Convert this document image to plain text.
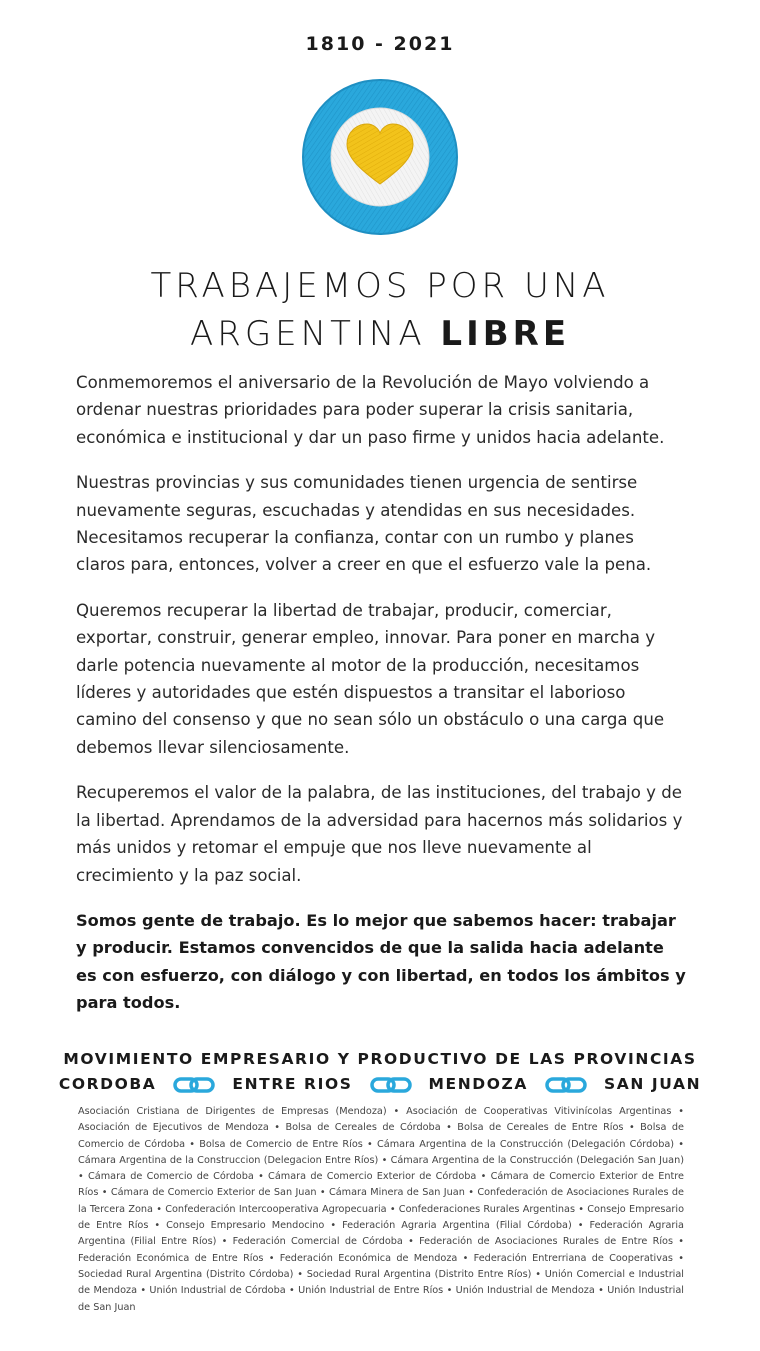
1810 - 2021
TRABAJEMOS POR UNA
ARGENTINA LIBRE

Conmemoremos el aniversario de la Revolución de Mayo volviendo a ordenar nuestras prioridades para poder superar la crisis sanitaria, económica e institucional y dar un paso firme y unidos hacia adelante.

Nuestras provincias y sus comunidades tienen urgencia de sentirse nuevamente seguras, escuchadas y atendidas en sus necesidades. Necesitamos recuperar la confianza, contar con un rumbo y planes claros para, entonces, volver a creer en que el esfuerzo vale la pena.

Queremos recuperar la libertad de trabajar, producir, comerciar, exportar, construir, generar empleo, innovar. Para poner en marcha y darle potencia nuevamente al motor de la producción, necesitamos líderes y autoridades que estén dispuestos a transitar el laborioso camino del consenso y que no sean sólo un obstáculo o una carga que debemos llevar silenciosamente.

Recuperemos el valor de la palabra, de las instituciones, del trabajo y de la libertad. Aprendamos de la adversidad para hacernos más solidarios y más unidos y retomar el empuje que nos lleve nuevamente al crecimiento y la paz social.

Somos gente de trabajo. Es lo mejor que sabemos hacer: trabajar y producir. Estamos convencidos de que la salida hacia adelante es con esfuerzo, con diálogo y con libertad, en todos los ámbitos y para todos.

MOVIMIENTO EMPRESARIO Y PRODUCTIVO DE LAS PROVINCIAS
CORDOBA	ENTRE RIOS	MENDOZA	SAN JUAN
Asociación Cristiana de Dirigentes de Empresas (Mendoza) • Asociación de Cooperativas Vitivinícolas Argentinas • Asociación de Ejecutivos de Mendoza • Bolsa de Cereales de Córdoba • Bolsa de Cereales de Entre Ríos • Bolsa de Comercio de Córdoba • Bolsa de Comercio de Entre Ríos • Cámara Argentina de la Construcción (Delegación Córdoba) • Cámara Argentina de la Construccion (Delegacion Entre Ríos) • Cámara Argentina de la Construcción (Delegación San Juan) • Cámara de Comercio de Córdoba • Cámara de Comercio Exterior de Córdoba • Cámara de Comercio Exterior de Entre Ríos • Cámara de Comercio Exterior de San Juan • Cámara Minera de San Juan • Confederación de Asociaciones Rurales de la Tercera Zona • Confederación Intercooperativa Agropecuaria • Confederaciones Rurales Argentinas • Consejo Empresario de Entre Ríos • Consejo Empresario Mendocino • Federación Agraria Argentina (Filial Córdoba) • Federación Agraria Argentina (Filial Entre Ríos) • Federación Comercial de Córdoba • Federación de Asociaciones Rurales de Entre Ríos • Federación Económica de Entre Ríos • Federación Económica de Mendoza • Federación Entrerriana de Cooperativas • Sociedad Rural Argentina (Distrito Córdoba) • Sociedad Rural Argentina (Distrito Entre Ríos) • Unión Comercial e Industrial de Mendoza • Unión Industrial de Córdoba • Unión Industrial de Entre Ríos • Unión Industrial de Mendoza • Unión Industrial de San Juan
